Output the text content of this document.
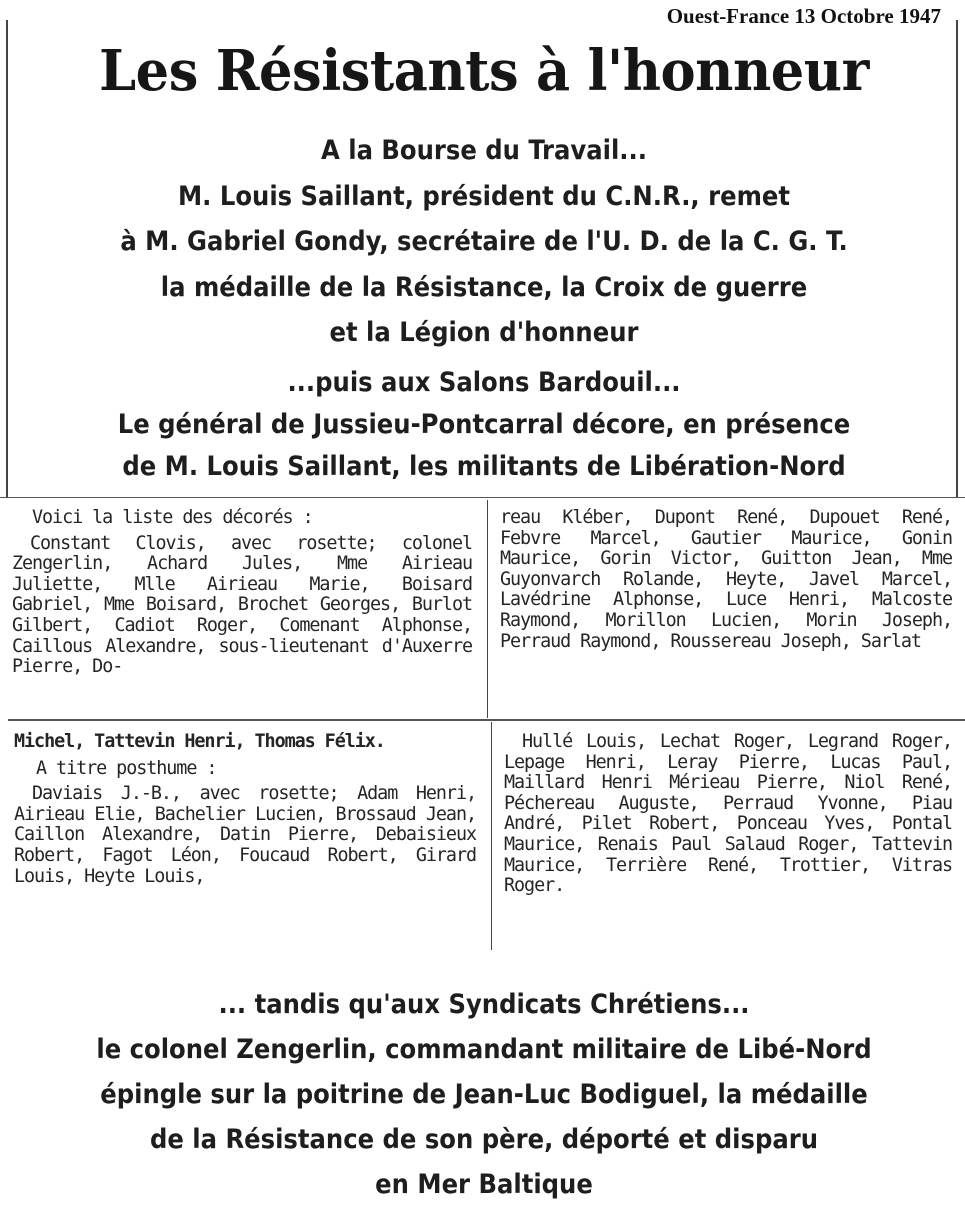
Ouest-France 13 Octobre 1947
Les Résistants à l'honneur
A la Bourse du Travail...
M. Louis Saillant, président du C.N.R., remet
à M. Gabriel Gondy, secrétaire de l'U. D. de la C. G. T.
la médaille de la Résistance, la Croix de guerre
et la Légion d'honneur
...puis aux Salons Bardouil...
Le général de Jussieu-Pontcarral décore, en présence
de M. Louis Saillant, les militants de Libération-Nord

Voici la liste des décorés :

Constant Clovis, avec rosette; colonel Zengerlin, Achard Jules, Mme Airieau Juliette, Mlle Airieau Marie, Boisard Gabriel, Mme Boisard, Brochet Georges, Burlot Gilbert, Cadiot Roger, Comenant Alphonse, Caillous Alexandre, sous-lieutenant d'Auxerre Pierre, Do-

reau Kléber, Dupont René, Dupouet René, Febvre Marcel, Gautier Maurice, Gonin Maurice, Gorin Victor, Guitton Jean, Mme Guyonvarch Rolande, Heyte, Javel Marcel, Lavédrine Alphonse, Luce Henri, Malcoste Raymond, Morillon Lucien, Morin Joseph, Perraud Raymond, Roussereau Joseph, Sarlat

Michel, Tattevin Henri, Thomas Félix.

A titre posthume :

Daviais J.-B., avec rosette; Adam Henri, Airieau Elie, Bachelier Lucien, Brossaud Jean, Caillon Alexandre, Datin Pierre, Debaisieux Robert, Fagot Léon, Foucaud Robert, Girard Louis, Heyte Louis,

Hullé Louis, Lechat Roger, Legrand Roger, Lepage Henri, Leray Pierre, Lucas Paul, Maillard Henri Mérieau Pierre, Niol René, Péchereau Auguste, Perraud Yvonne, Piau André, Pilet Robert, Ponceau Yves, Pontal Maurice, Renais Paul Salaud Roger, Tattevin Maurice, Terrière René, Trottier, Vitras Roger.

... tandis qu'aux Syndicats Chrétiens...
le colonel Zengerlin, commandant militaire de Libé-Nord
épingle sur la poitrine de Jean-Luc Bodiguel, la médaille
de la Résistance de son père, déporté et disparu
en Mer Baltique
